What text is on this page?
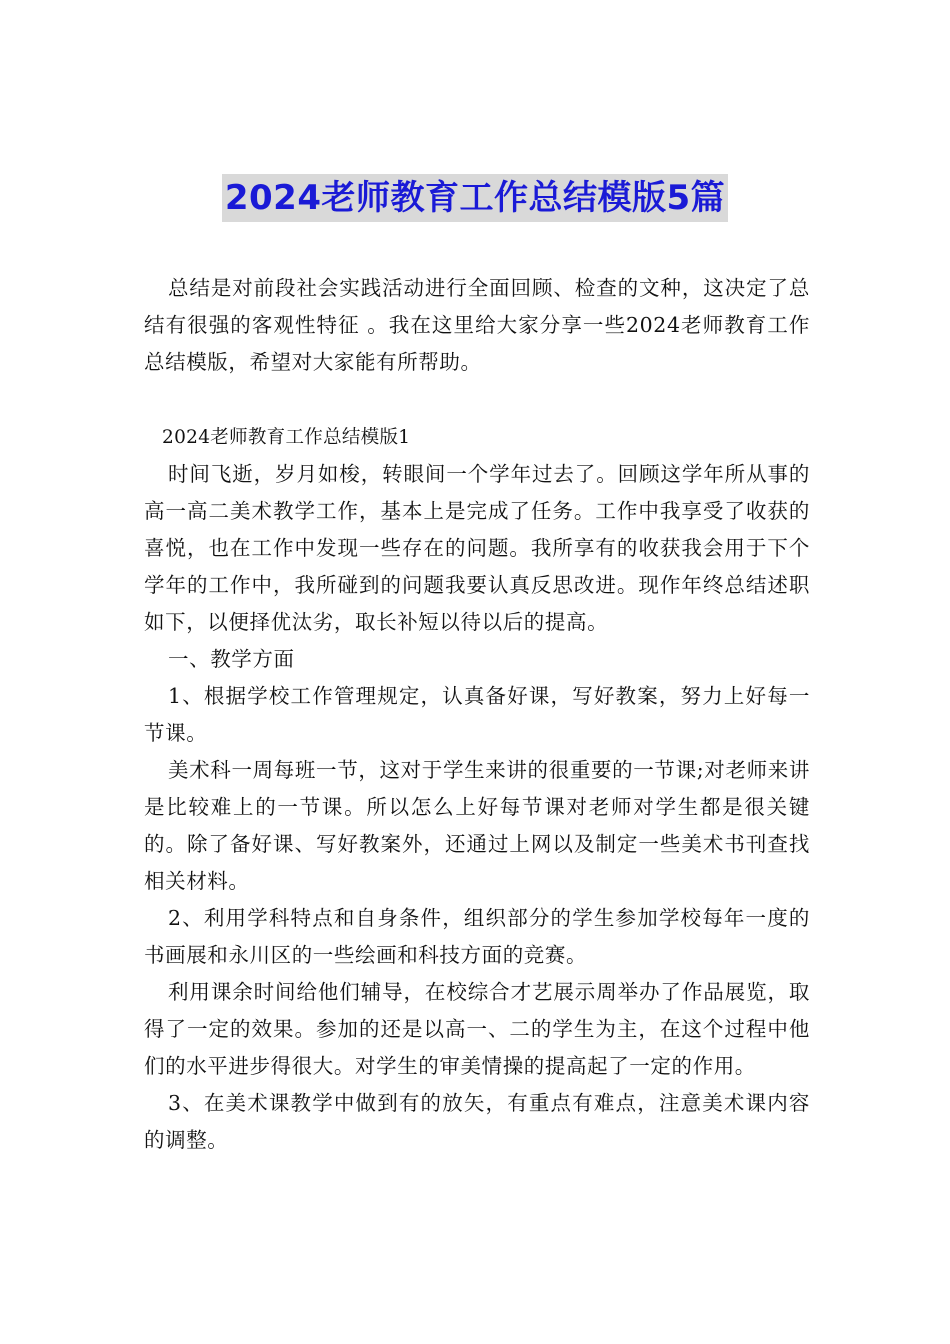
2024老师教育工作总结模版5篇

总结是对前段社会实践活动进行全面回顾、检查的文种，这决定了总结有很强的客观性特征 。我在这里给大家分享一些2024老师教育工作总结模版，希望对大家能有所帮助。

2024老师教育工作总结模版1

时间飞逝，岁月如梭，转眼间一个学年过去了。回顾这学年所从事的高一高二美术教学工作，基本上是完成了任务。工作中我享受了收获的喜悦，也在工作中发现一些存在的问题。我所享有的收获我会用于下个学年的工作中，我所碰到的问题我要认真反思改进。现作年终总结述职如下，以便择优汰劣，取长补短以待以后的提高。

一、教学方面

1、根据学校工作管理规定，认真备好课，写好教案，努力上好每一节课。

美术科一周每班一节，这对于学生来讲的很重要的一节课;对老师来讲是比较难上的一节课。所以怎么上好每节课对老师对学生都是很关键的。除了备好课、写好教案外，还通过上网以及制定一些美术书刊查找相关材料。

2、利用学科特点和自身条件，组织部分的学生参加学校每年一度的书画展和永川区的一些绘画和科技方面的竞赛。

利用课余时间给他们辅导，在校综合才艺展示周举办了作品展览，取得了一定的效果。参加的还是以高一、二的学生为主，在这个过程中他们的水平进步得很大。对学生的审美情操的提高起了一定的作用。

3、在美术课教学中做到有的放矢，有重点有难点，注意美术课内容的调整。
